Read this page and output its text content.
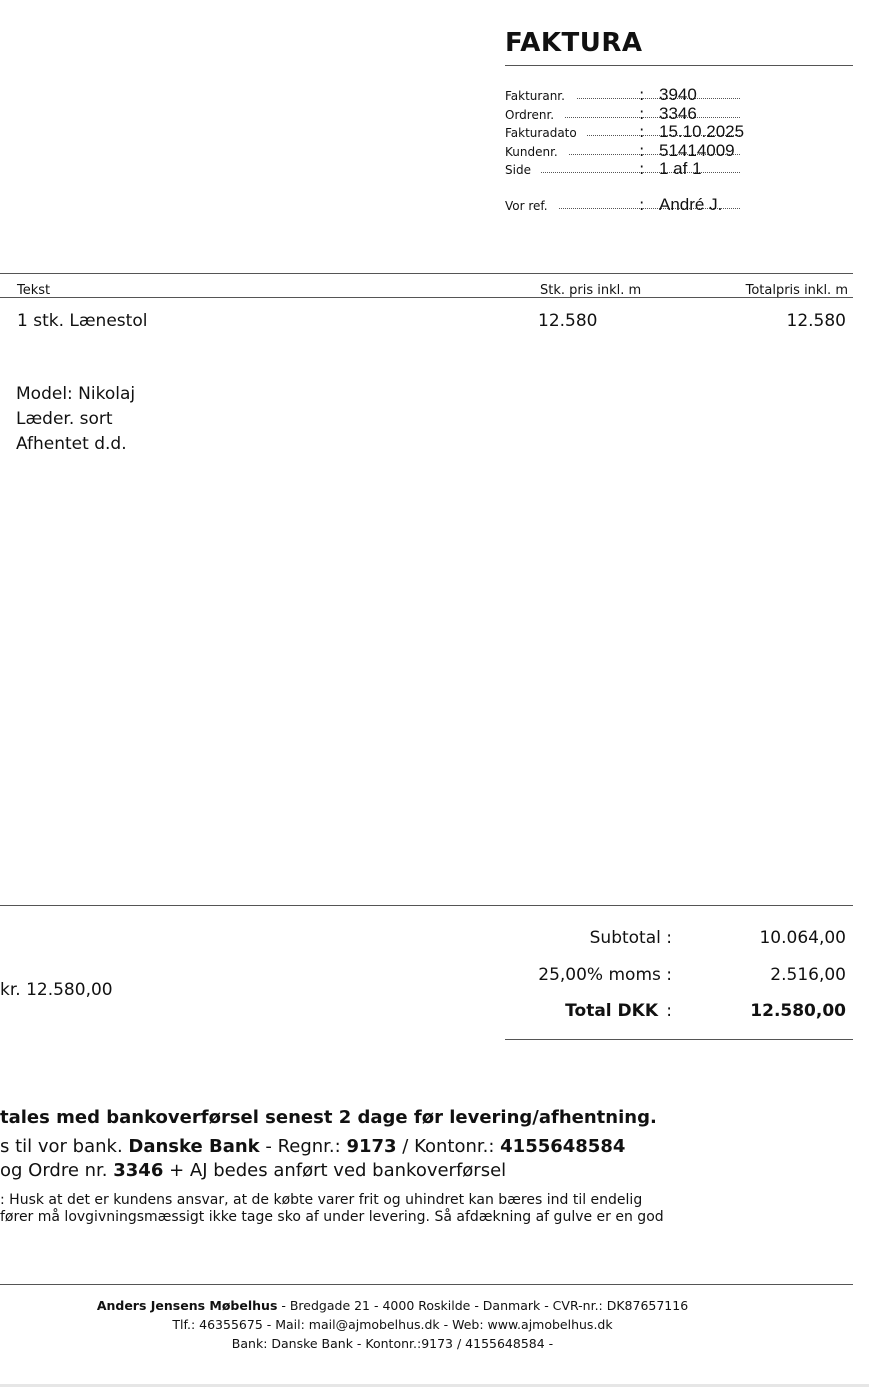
FAKTURA
Fakturanr.	: 3940
Ordrenr.	: 3346
Fakturadato	: 15.10.2025
Kundenr.	: 51414009
Side	: 1 af 1
Vor ref.	: André J.
Tekst	Stk. pris inkl. m	Totalpris inkl. m
1 stk. Lænestol	12.580	12.580
Model: Nikolaj
Læder. sort
Afhentet d.d.
kr. 12.580,00
Subtotal :	10.064,00
25,00% moms :	2.516,00
Total DKK :	12.580,00
tales med bankoverførsel senest 2 dage før levering/afhentning.
s til vor bank. Danske Bank - Regnr.: 9173 / Kontonr.: 4155648584
og Ordre nr. 3346 + AJ bedes anført ved bankoverførsel
: Husk at det er kundens ansvar, at de købte varer frit og uhindret kan bæres ind til endelig
fører må lovgivningsmæssigt ikke tage sko af under levering. Så afdækning af gulve er en god
Anders Jensens Møbelhus - Bredgade 21 - 4000 Roskilde - Danmark - CVR-nr.: DK87657116
Tlf.: 46355675 - Mail: mail@ajmobelhus.dk - Web: www.ajmobelhus.dk
Bank: Danske Bank - Kontonr.:9173 / 4155648584 -
